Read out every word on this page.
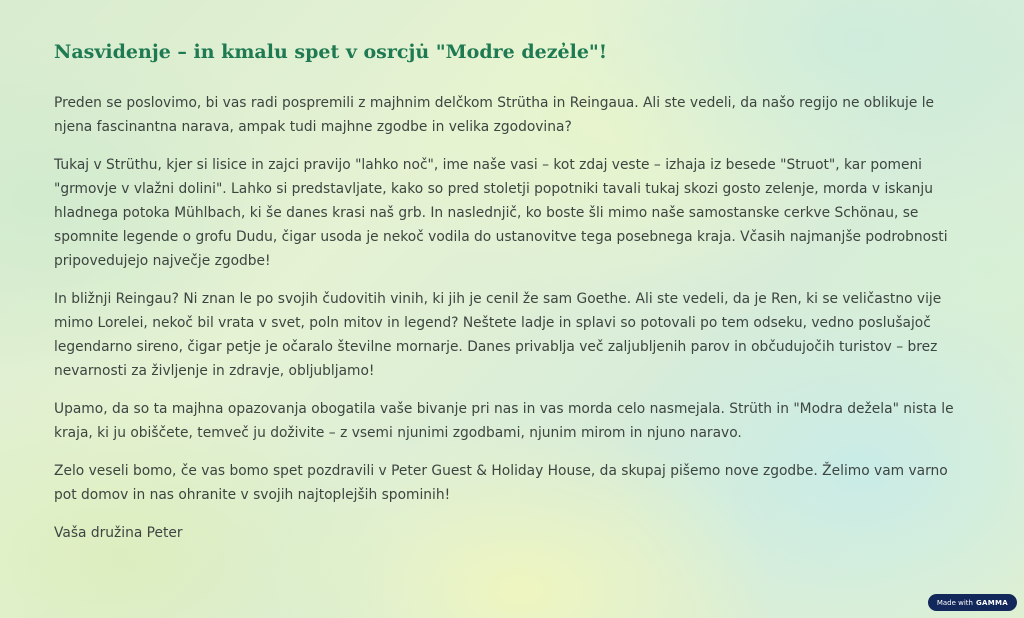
Nasvidenje – in kmalu spet v osrcju̇ "Modre deze̓le"!

Preden se poslovimo, bi vas radi pospremili z majhnim delčkom Strütha in Reingaua. Ali ste vedeli, da našo regijo ne oblikuje le njena fascinantna narava, ampak tudi majhne zgodbe in velika zgodovina?

Tukaj v Strüthu, kjer si lisice in zajci pravijo "lahko noč", ime naše vasi – kot zdaj veste – izhaja iz besede "Struot", kar pomeni "grmovje v vlažni dolini". Lahko si predstavljate, kako so pred stoletji popotniki tavali tukaj skozi gosto zelenje, morda v iskanju hladnega potoka Mühlbach, ki še danes krasi naš grb. In naslednjič, ko boste šli mimo naše samostanske cerkve Schönau, se spomnite legende o grofu Dudu, čigar usoda je nekoč vodila do ustanovitve tega posebnega kraja. Včasih najmanjše podrobnosti pripovedujejo največje zgodbe!

In bližnji Reingau? Ni znan le po svojih čudovitih vinih, ki jih je cenil že sam Goethe. Ali ste vedeli, da je Ren, ki se veličastno vije mimo Lorelei, nekoč bil vrata v svet, poln mitov in legend? Neštete ladje in splavi so potovali po tem odseku, vedno poslušajoč legendarno sireno, čigar petje je očaralo številne mornarje. Danes privablja več zaljubljenih parov in občudujočih turistov – brez nevarnosti za življenje in zdravje, obljubljamo!

Upamo, da so ta majhna opazovanja obogatila vaše bivanje pri nas in vas morda celo nasmejala. Strüth in "Modra dežela" nista le kraja, ki ju obiščete, temveč ju doživite – z vsemi njunimi zgodbami, njunim mirom in njuno naravo.

Zelo veseli bomo, če vas bomo spet pozdravili v Peter Guest & Holiday House, da skupaj pišemo nove zgodbe. Želimo vam varno pot domov in nas ohranite v svojih najtoplejših spominih!

Vaša družina Peter

Made with GAMMA
